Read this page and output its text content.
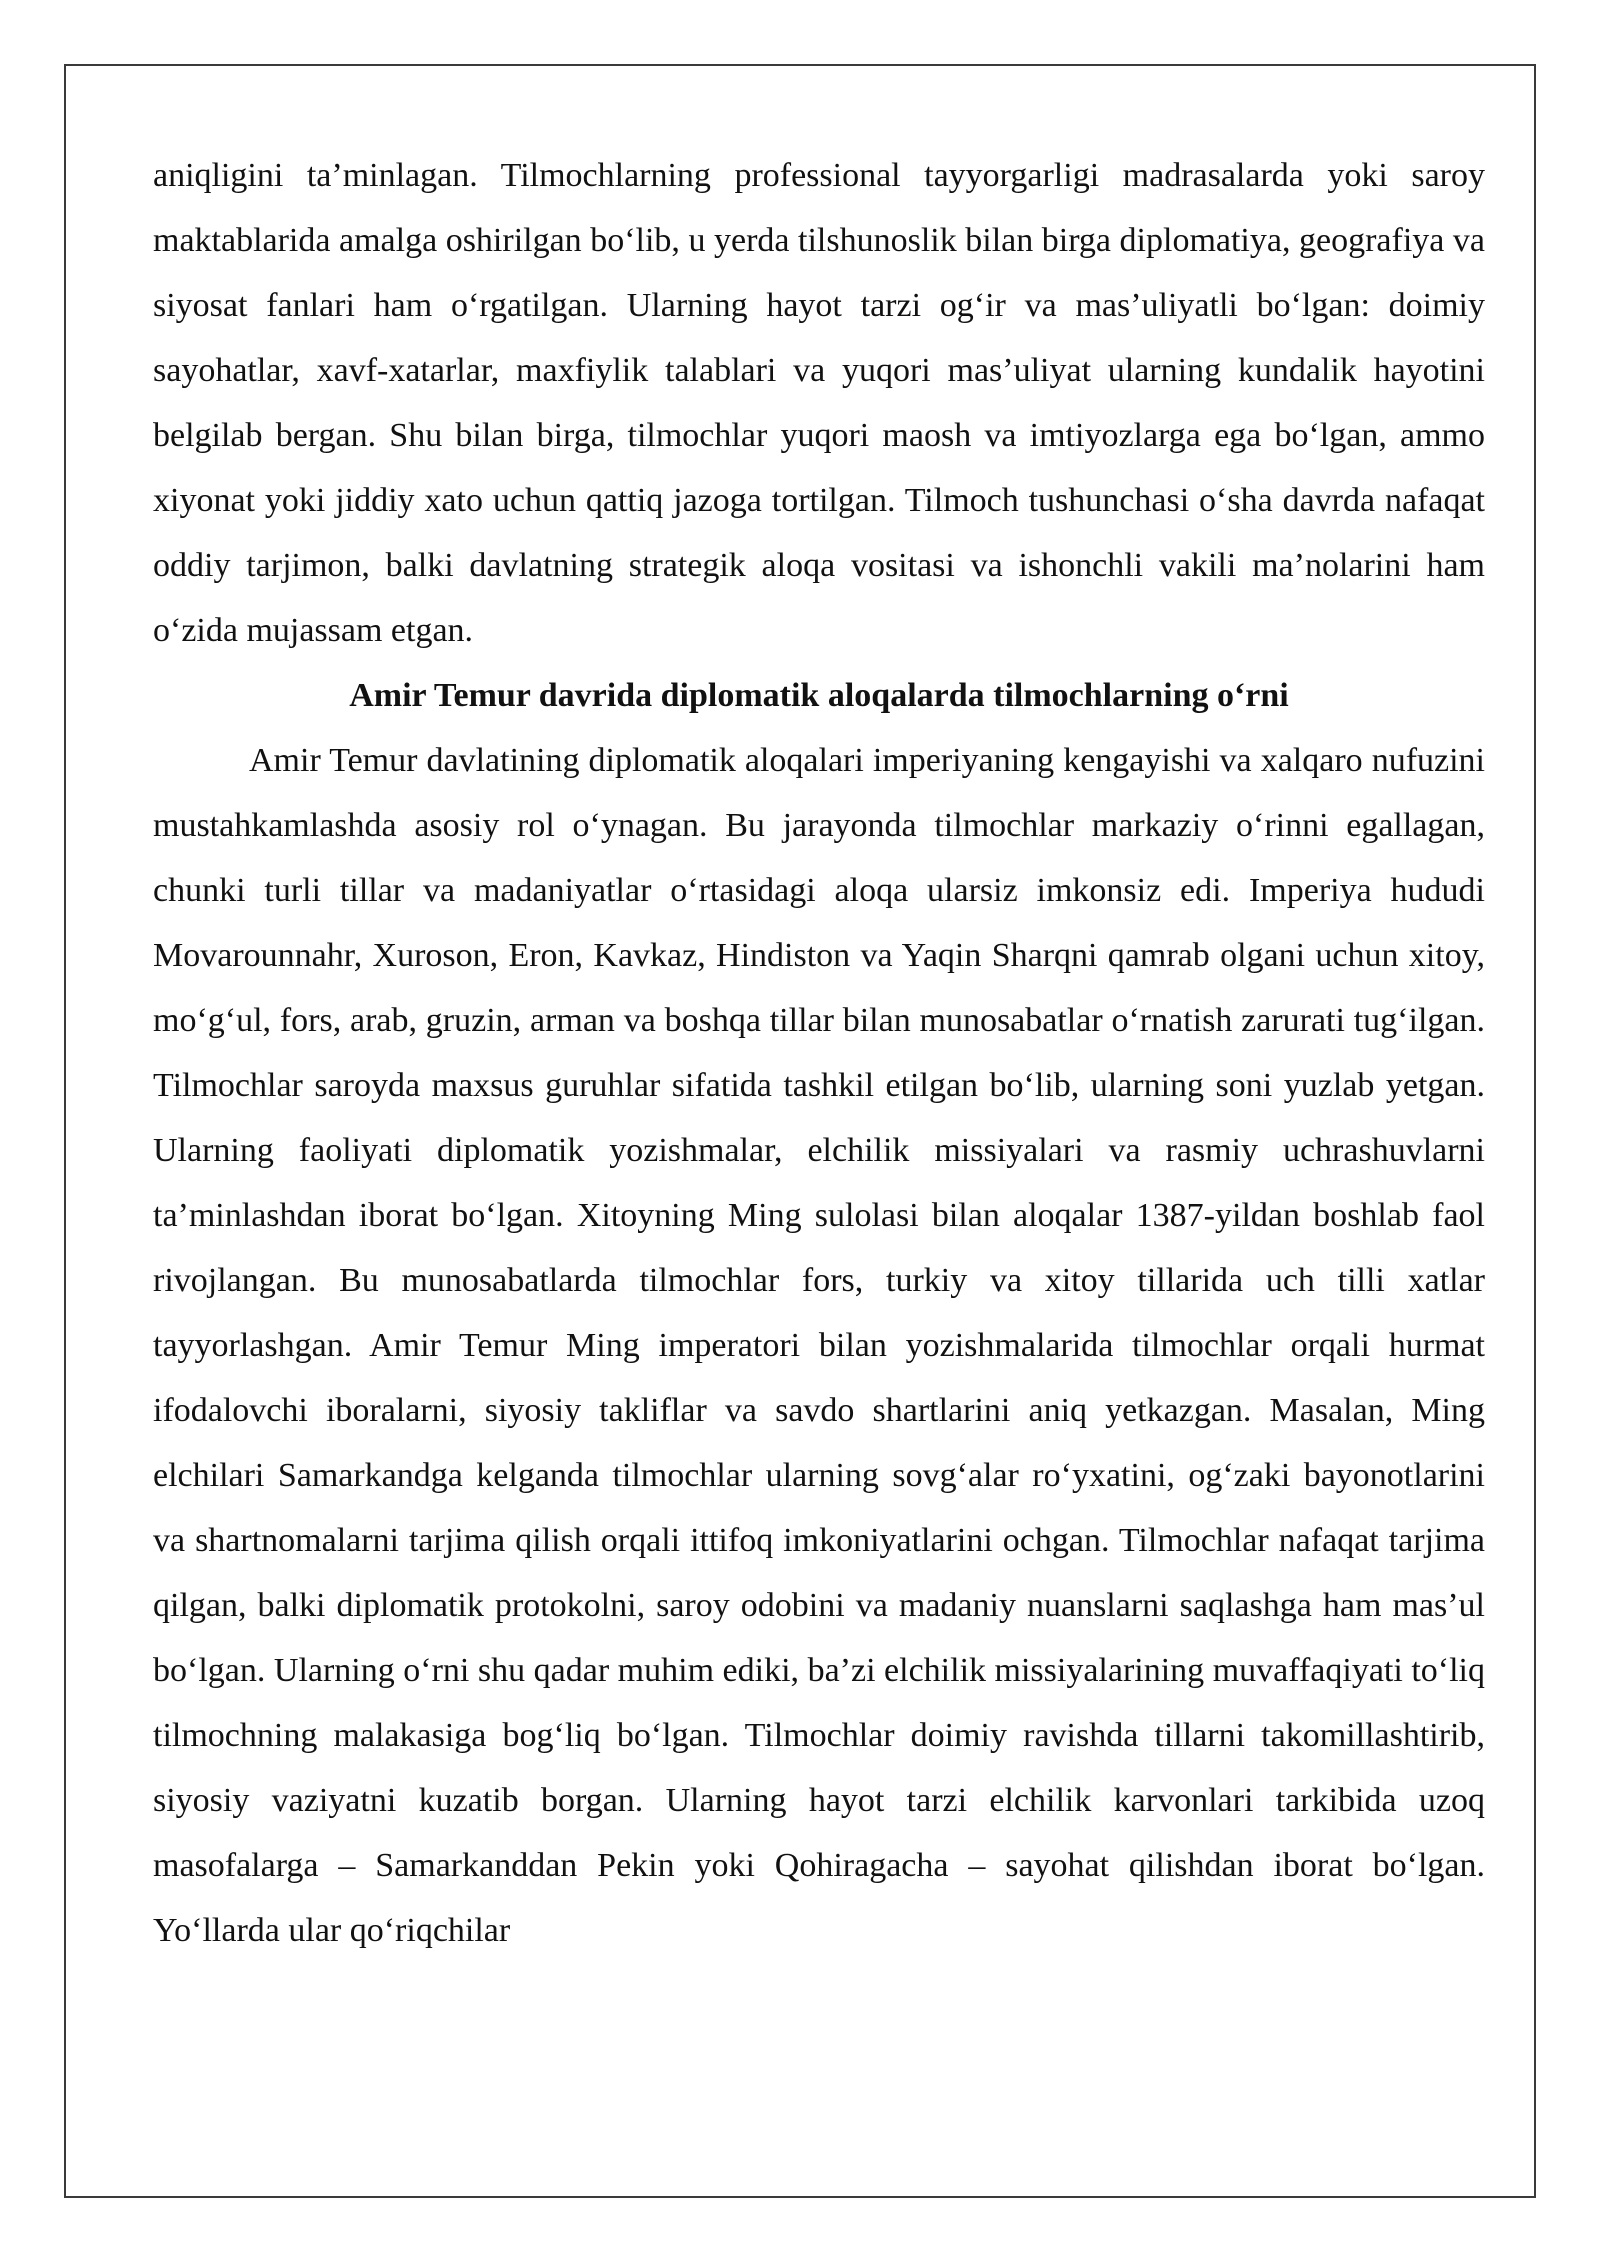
aniqligini ta’minlagan. Tilmochlarning professional tayyorgarligi madrasalarda yoki saroy maktablarida amalga oshirilgan bo‘lib, u yerda tilshunoslik bilan birga diplomatiya, geografiya va siyosat fanlari ham o‘rgatilgan. Ularning hayot tarzi og‘ir va mas’uliyatli bo‘lgan: doimiy sayohatlar, xavf-xatarlar, maxfiylik talablari va yuqori mas’uliyat ularning kundalik hayotini belgilab bergan. Shu bilan birga, tilmochlar yuqori maosh va imtiyozlarga ega bo‘lgan, ammo xiyonat yoki jiddiy xato uchun qattiq jazoga tortilgan. Tilmoch tushunchasi o‘sha davrda nafaqat oddiy tarjimon, balki davlatning strategik aloqa vositasi va ishonchli vakili ma’nolarini ham o‘zida mujassam etgan.

Amir Temur davrida diplomatik aloqalarda tilmochlarning o‘rni

Amir Temur davlatining diplomatik aloqalari imperiyaning kengayishi va xalqaro nufuzini mustahkamlashda asosiy rol o‘ynagan. Bu jarayonda tilmochlar markaziy o‘rinni egallagan, chunki turli tillar va madaniyatlar o‘rtasidagi aloqa ularsiz imkonsiz edi. Imperiya hududi Movarounnahr, Xuroson, Eron, Kavkaz, Hindiston va Yaqin Sharqni qamrab olgani uchun xitoy, mo‘g‘ul, fors, arab, gruzin, arman va boshqa tillar bilan munosabatlar o‘rnatish zarurati tug‘ilgan. Tilmochlar saroyda maxsus guruhlar sifatida tashkil etilgan bo‘lib, ularning soni yuzlab yetgan. Ularning faoliyati diplomatik yozishmalar, elchilik missiyalari va rasmiy uchrashuvlarni ta’minlashdan iborat bo‘lgan. Xitoyning Ming sulolasi bilan aloqalar 1387-yildan boshlab faol rivojlangan. Bu munosabatlarda tilmochlar fors, turkiy va xitoy tillarida uch tilli xatlar tayyorlashgan. Amir Temur Ming imperatori bilan yozishmalarida tilmochlar orqali hurmat ifodalovchi iboralarni, siyosiy takliflar va savdo shartlarini aniq yetkazgan. Masalan, Ming elchilari Samarkandga kelganda tilmochlar ularning sovg‘alar ro‘yxatini, og‘zaki bayonotlarini va shartnomalarni tarjima qilish orqali ittifoq imkoniyatlarini ochgan. Tilmochlar nafaqat tarjima qilgan, balki diplomatik protokolni, saroy odobini va madaniy nuanslarni saqlashga ham mas’ul bo‘lgan. Ularning o‘rni shu qadar muhim ediki, ba’zi elchilik missiyalarining muvaffaqiyati to‘liq tilmochning malakasiga bog‘liq bo‘lgan. Tilmochlar doimiy ravishda tillarni takomillashtirib, siyosiy vaziyatni kuzatib borgan. Ularning hayot tarzi elchilik karvonlari tarkibida uzoq masofalarga – Samarkanddan Pekin yoki Qohiragacha – sayohat qilishdan iborat bo‘lgan. Yo‘llarda ular qo‘riqchilar
